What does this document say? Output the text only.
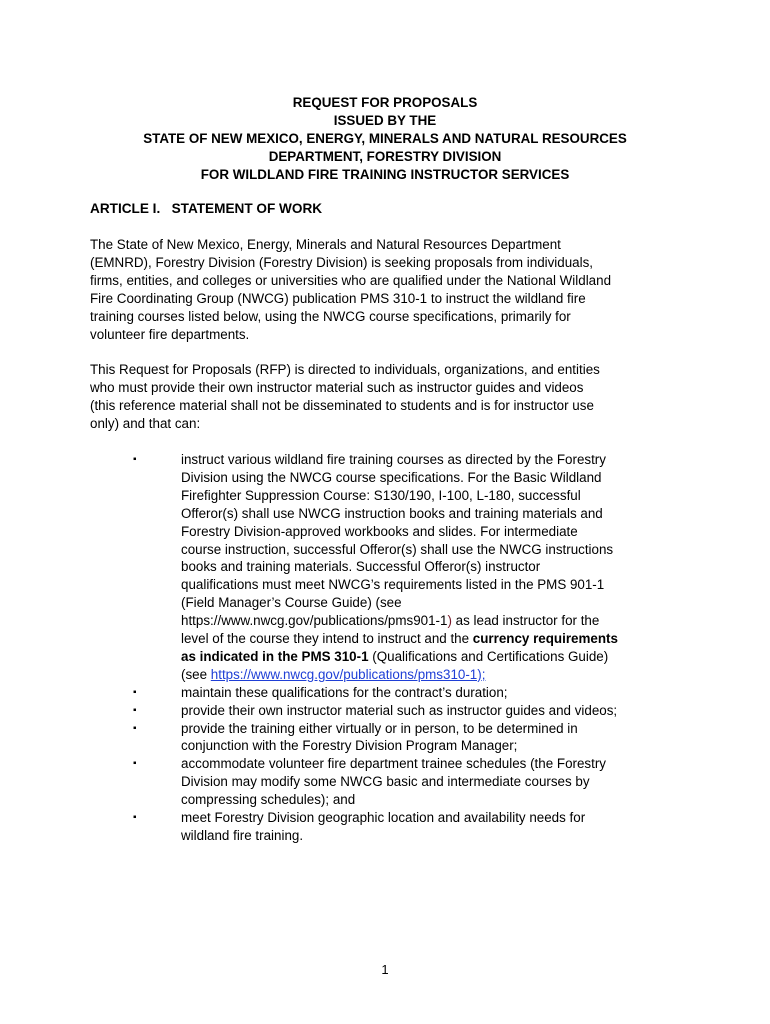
REQUEST FOR PROPOSALS
ISSUED BY THE
STATE OF NEW MEXICO, ENERGY, MINERALS AND NATURAL RESOURCES
DEPARTMENT, FORESTRY DIVISION
FOR WILDLAND FIRE TRAINING INSTRUCTOR SERVICES
ARTICLE I. STATEMENT OF WORK
The State of New Mexico, Energy, Minerals and Natural Resources Department
(EMNRD), Forestry Division (Forestry Division) is seeking proposals from individuals,
firms, entities, and colleges or universities who are qualified under the National Wildland
Fire Coordinating Group (NWCG) publication PMS 310-1 to instruct the wildland fire
training courses listed below, using the NWCG course specifications, primarily for
volunteer fire departments.
This Request for Proposals (RFP) is directed to individuals, organizations, and entities
who must provide their own instructor material such as instructor guides and videos
(this reference material shall not be disseminated to students and is for instructor use
only) and that can:
▪	instruct various wildland fire training courses as directed by the Forestry
Division using the NWCG course specifications. For the Basic Wildland
Firefighter Suppression Course: S130/190, I-100, L-180, successful
Offeror(s) shall use NWCG instruction books and training materials and
Forestry Division-approved workbooks and slides. For intermediate
course instruction, successful Offeror(s) shall use the NWCG instructions
books and training materials. Successful Offeror(s) instructor
qualifications must meet NWCG’s requirements listed in the PMS 901-1
(Field Manager’s Course Guide) (see
https://www.nwcg.gov/publications/pms901-1) as lead instructor for the
level of the course they intend to instruct and the currency requirements
as indicated in the PMS 310-1 (Qualifications and Certifications Guide)
(see https://www.nwcg.gov/publications/pms310-1);
▪	maintain these qualifications for the contract’s duration;
▪	provide their own instructor material such as instructor guides and videos;
▪	provide the training either virtually or in person, to be determined in
conjunction with the Forestry Division Program Manager;
▪	accommodate volunteer fire department trainee schedules (the Forestry
Division may modify some NWCG basic and intermediate courses by
compressing schedules); and
▪	meet Forestry Division geographic location and availability needs for
wildland fire training.
1
